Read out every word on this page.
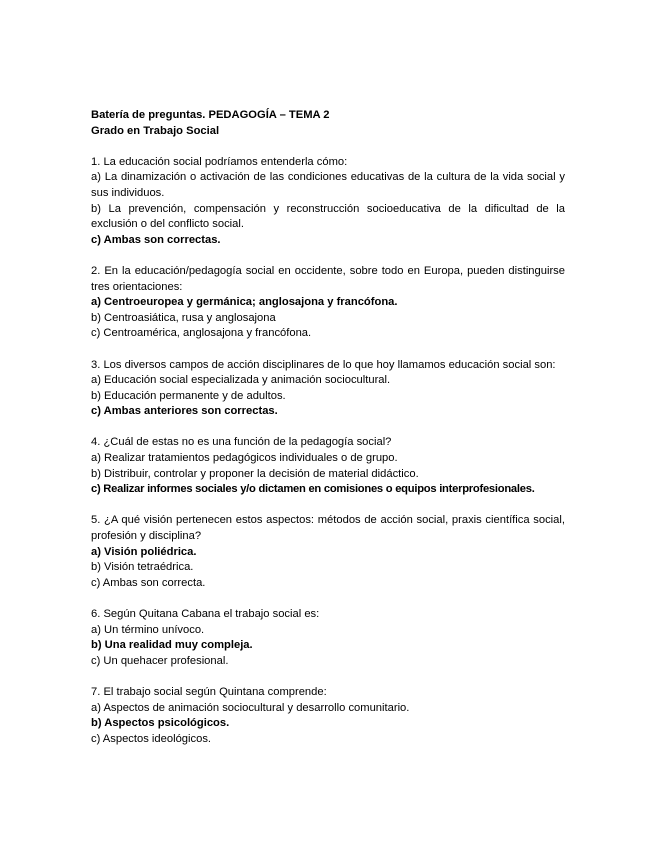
Batería de preguntas. PEDAGOGÍA – TEMA 2
Grado en Trabajo Social
1. La educación social podríamos entenderla cómo:
a) La dinamización o activación de las condiciones educativas de la cultura de la vida social y sus individuos.
b) La prevención, compensación y reconstrucción socioeducativa de la dificultad de la exclusión o del conflicto social.
c) Ambas son correctas.
2. En la educación/pedagogía social en occidente, sobre todo en Europa, pueden distinguirse tres orientaciones:
a) Centroeuropea y germánica; anglosajona y francófona.
b) Centroasiática, rusa y anglosajona
c) Centroamérica, anglosajona y francófona.
3. Los diversos campos de acción disciplinares de lo que hoy llamamos educación social son:
a) Educación social especializada y animación sociocultural.
b) Educación permanente y de adultos.
c) Ambas anteriores son correctas.
4. ¿Cuál de estas no es una función de la pedagogía social?
a) Realizar tratamientos pedagógicos individuales o de grupo.
b) Distribuir, controlar y proponer la decisión de material didáctico.
c) Realizar informes sociales y/o dictamen en comisiones o equipos interprofesionales.
5. ¿A qué visión pertenecen estos aspectos: métodos de acción social, praxis científica social, profesión y disciplina?
a) Visión poliédrica.
b) Visión tetraédrica.
c) Ambas son correcta.
6. Según Quitana Cabana el trabajo social es:
a) Un término unívoco.
b) Una realidad muy compleja.
c) Un quehacer profesional.
7. El trabajo social según Quintana comprende:
a) Aspectos de animación sociocultural y desarrollo comunitario.
b) Aspectos psicológicos.
c) Aspectos ideológicos.
